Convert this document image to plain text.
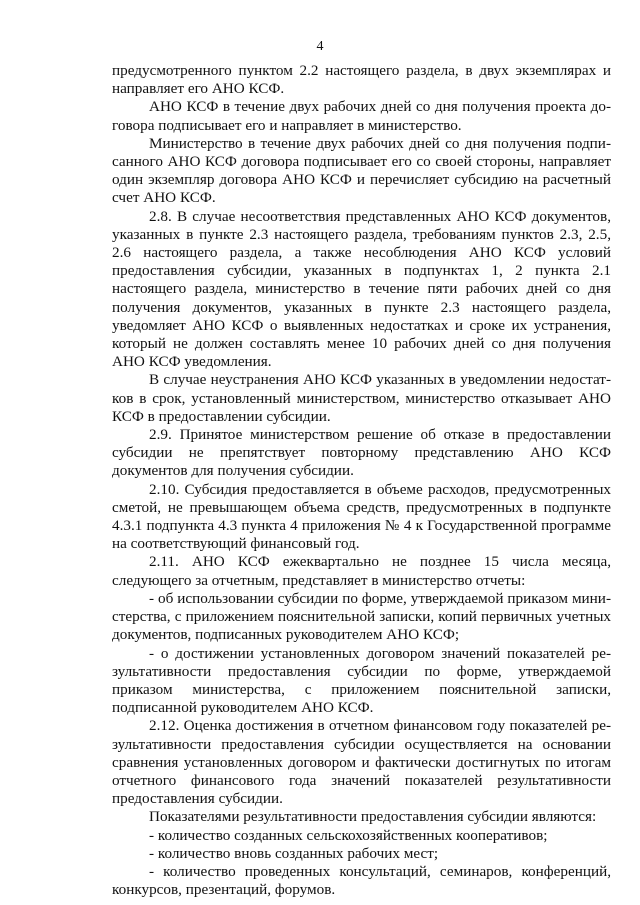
4

предусмотренного пунктом 2.2 настоящего раздела, в двух экземплярах и направляет его АНО КСФ.

АНО КСФ в течение двух рабочих дней со дня получения проекта договора подписывает его и направляет в министерство.

Министерство в течение двух рабочих дней со дня получения подписанного АНО КСФ договора подписывает его со своей стороны, направляет один экземпляр договора АНО КСФ и перечисляет субсидию на расчетный счет АНО КСФ.

2.8. В случае несоответствия представленных АНО КСФ документов, указанных в пункте 2.3 настоящего раздела, требованиям пунктов 2.3, 2.5, 2.6 настоящего раздела, а также несоблюдения АНО КСФ условий предоставления субсидии, указанных в подпунктах 1, 2 пункта 2.1 настоящего раздела, министерство в течение пяти рабочих дней со дня получения документов, указанных в пункте 2.3 настоящего раздела, уведомляет АНО КСФ о выявленных недостатках и сроке их устранения, который не должен составлять менее 10 рабочих дней со дня получения АНО КСФ уведомления.

В случае неустранения АНО КСФ указанных в уведомлении недостатков в срок, установленный министерством, министерство отказывает АНО КСФ в предоставлении субсидии.

2.9. Принятое министерством решение об отказе в предоставлении субсидии не препятствует повторному представлению АНО КСФ документов для получения субсидии.

2.10. Субсидия предоставляется в объеме расходов, предусмотренных сметой, не превышающем объема средств, предусмотренных в подпункте 4.3.1 подпункта 4.3 пункта 4 приложения № 4 к Государственной программе на соответствующий финансовый год.

2.11. АНО КСФ ежеквартально не позднее 15 числа месяца, следующего за отчетным, представляет в министерство отчеты:

- об использовании субсидии по форме, утверждаемой приказом министерства, с приложением пояснительной записки, копий первичных учетных документов, подписанных руководителем АНО КСФ;

- о достижении установленных договором значений показателей результативности предоставления субсидии по форме, утверждаемой приказом министерства, с приложением пояснительной записки, подписанной руководителем АНО КСФ.

2.12. Оценка достижения в отчетном финансовом году показателей результативности предоставления субсидии осуществляется на основании сравнения установленных договором и фактически достигнутых по итогам отчетного финансового года значений показателей результативности предоставления субсидии.

Показателями результативности предоставления субсидии являются:

- количество созданных сельскохозяйственных кооперативов;

- количество вновь созданных рабочих мест;

- количество проведенных консультаций, семинаров, конференций, конкурсов, презентаций, форумов.
